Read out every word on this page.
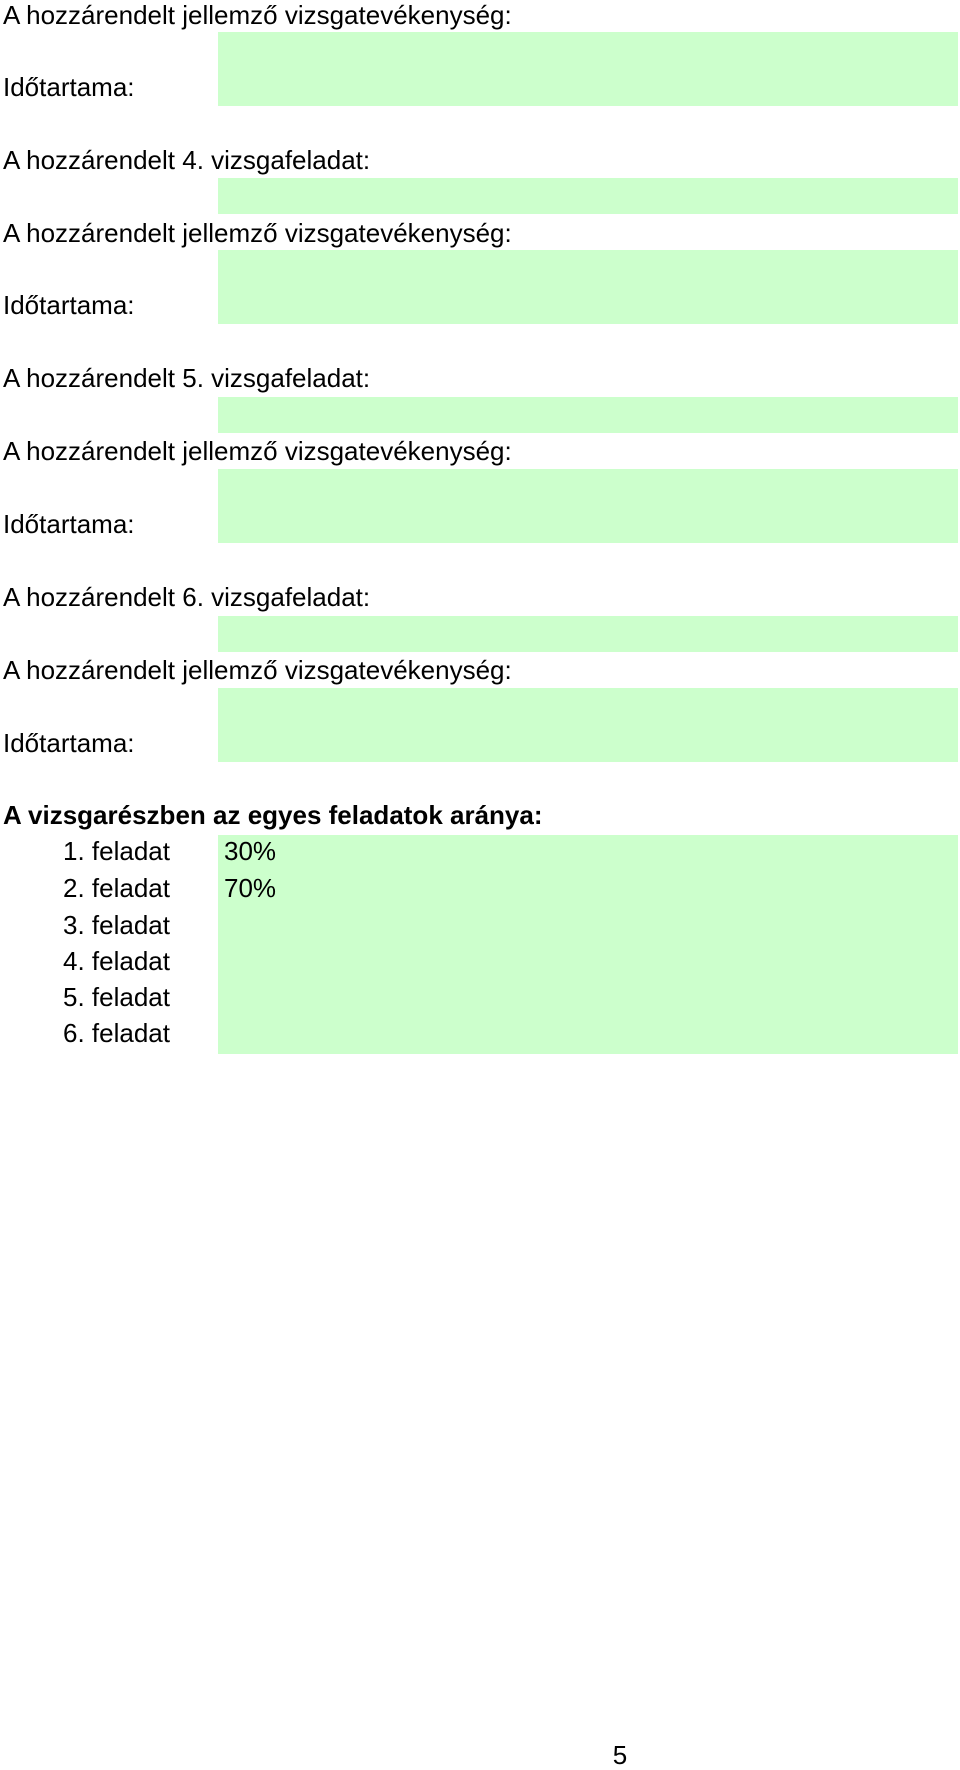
A hozzárendelt jellemző vizsgatevékenység:
Időtartama:
A hozzárendelt 4. vizsgafeladat:
A hozzárendelt jellemző vizsgatevékenység:
Időtartama:
A hozzárendelt 5. vizsgafeladat:
A hozzárendelt jellemző vizsgatevékenység:
Időtartama:
A hozzárendelt 6. vizsgafeladat:
A hozzárendelt jellemző vizsgatevékenység:
Időtartama:
A vizsgarészben az egyes feladatok aránya:
1. feladat 30%
2. feladat 70%
3. feladat
4. feladat
5. feladat
6. feladat
5
